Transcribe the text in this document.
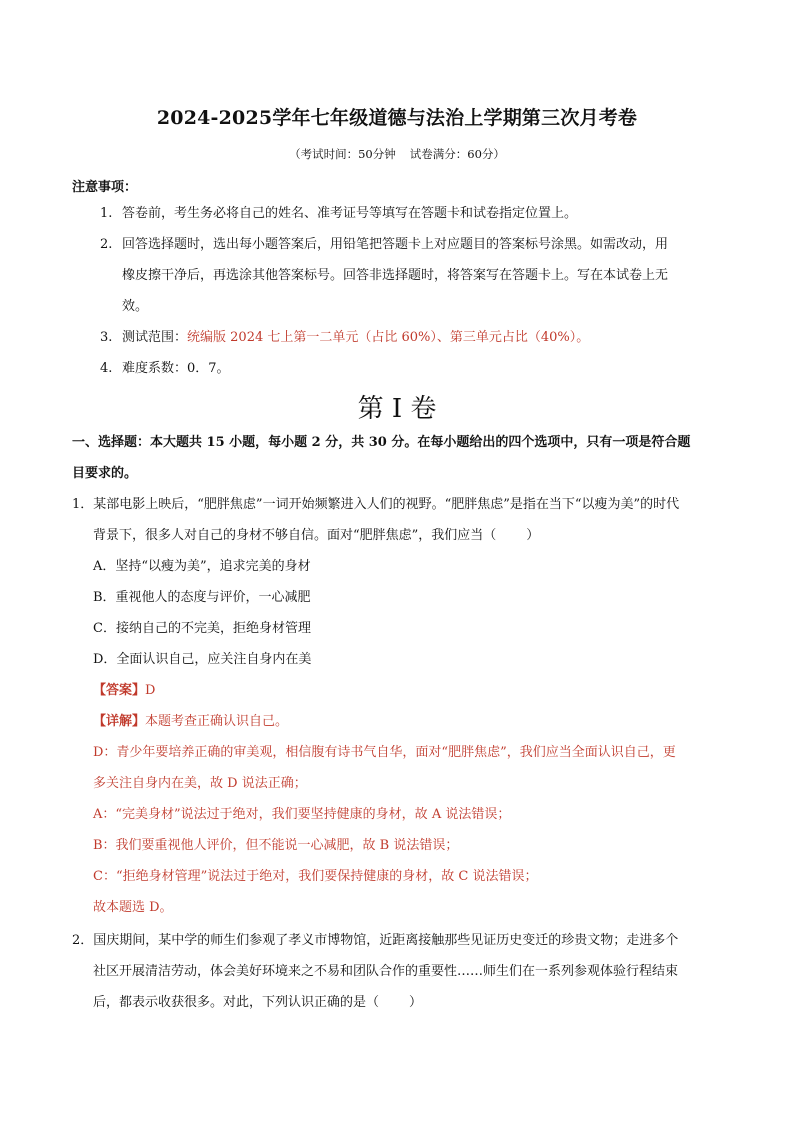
2024-2025学年七年级道德与法治上学期第三次月考卷
（考试时间：50分钟 试卷满分：60分）
注意事项：
1. 答卷前，考生务必将自己的姓名、准考证号等填写在答题卡和试卷指定位置上。
2. 回答选择题时，选出每小题答案后，用铅笔把答题卡上对应题目的答案标号涂黑。如需改动，用
橡皮擦干净后，再选涂其他答案标号。回答非选择题时，将答案写在答题卡上。写在本试卷上无
效。
3. 测试范围：统编版 2024 七上第一二单元（占比 60%）、第三单元占比（40%）。
4. 难度系数：0．7。
第 I 卷
一、选择题：本大题共 15 小题，每小题 2 分，共 30 分。在每小题给出的四个选项中，只有一项是符合题
目要求的。
1．某部电影上映后，“肥胖焦虑”一词开始频繁进入人们的视野。“肥胖焦虑”是指在当下“以瘦为美”的时代
背景下，很多人对自己的身材不够自信。面对“肥胖焦虑”，我们应当（ ）
A．坚持“以瘦为美”，追求完美的身材
B．重视他人的态度与评价，一心减肥
C．接纳自己的不完美，拒绝身材管理
D．全面认识自己，应关注自身内在美
【答案】D
【详解】本题考查正确认识自己。
D：青少年要培养正确的审美观，相信腹有诗书气自华，面对“肥胖焦虑”，我们应当全面认识自己，更
多关注自身内在美，故 D 说法正确；
A：“完美身材”说法过于绝对，我们要坚持健康的身材，故 A 说法错误；
B：我们要重视他人评价，但不能说一心减肥，故 B 说法错误；
C：“拒绝身材管理”说法过于绝对，我们要保持健康的身材，故 C 说法错误；
故本题选 D。
2．国庆期间，某中学的师生们参观了孝义市博物馆，近距离接触那些见证历史变迁的珍贵文物；走进多个
社区开展清洁劳动，体会美好环境来之不易和团队合作的重要性……师生们在一系列参观体验行程结束
后，都表示收获很多。对此，下列认识正确的是（ ）
